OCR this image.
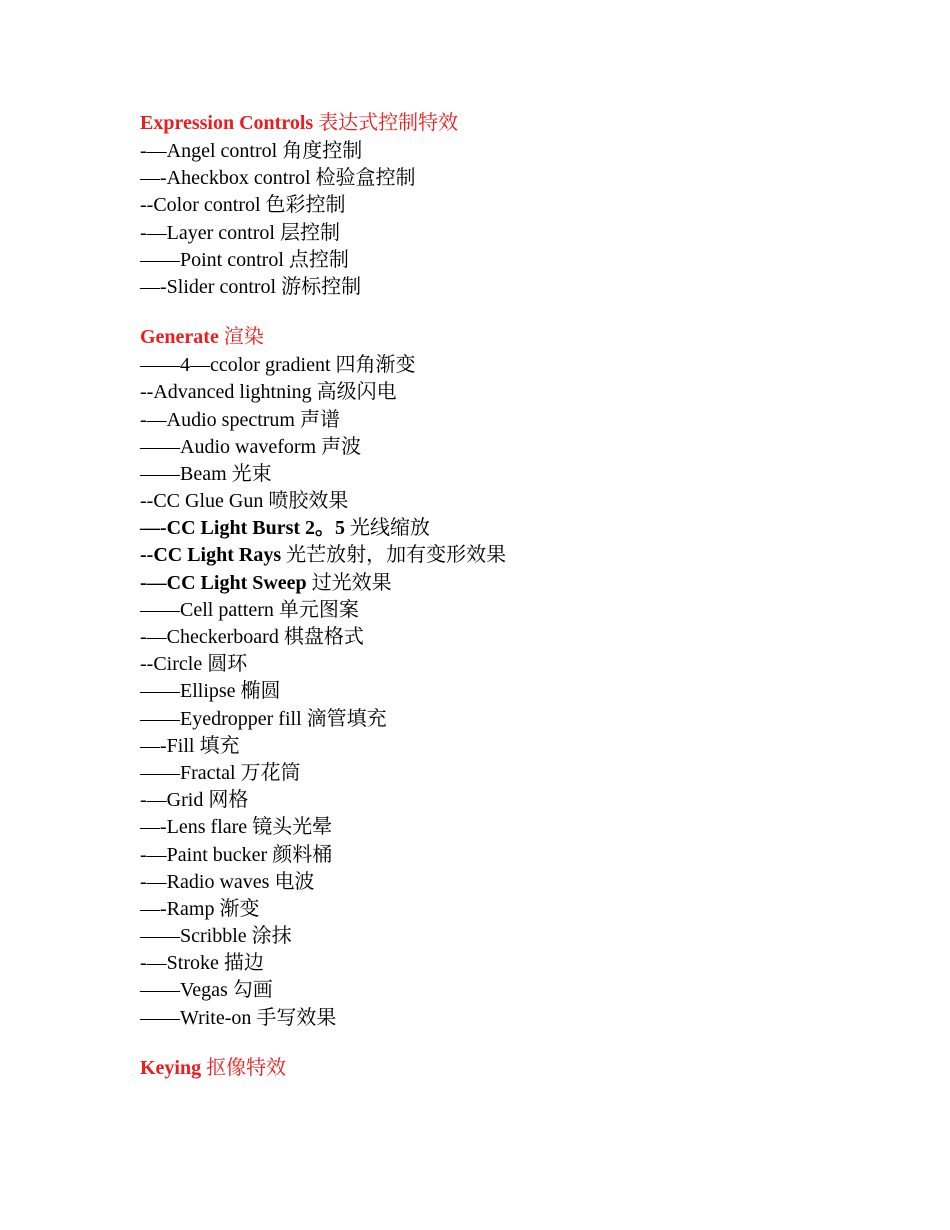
Expression Controls 表达式控制特效
-—Angel control 角度控制
—-Aheckbox control 检验盒控制
--Color control 色彩控制
-—Layer control 层控制
——Point control 点控制
—-Slider control 游标控制
Generate 渲染
——4—ccolor gradient 四角渐变
--Advanced lightning 高级闪电
-—Audio spectrum 声谱
——Audio waveform 声波
——Beam 光束
--CC Glue Gun 喷胶效果
—-CC Light Burst 2。5 光线缩放
--CC Light Rays 光芒放射，加有变形效果
-—CC Light Sweep 过光效果
——Cell pattern 单元图案
-—Checkerboard 棋盘格式
--Circle 圆环
——Ellipse 椭圆
——Eyedropper fill 滴管填充
—-Fill 填充
——Fractal 万花筒
-—Grid 网格
—-Lens flare 镜头光晕
-—Paint bucker 颜料桶
-—Radio waves 电波
—-Ramp 渐变
——Scribble 涂抹
-—Stroke 描边
——Vegas 勾画
——Write-on 手写效果
Keying 抠像特效
